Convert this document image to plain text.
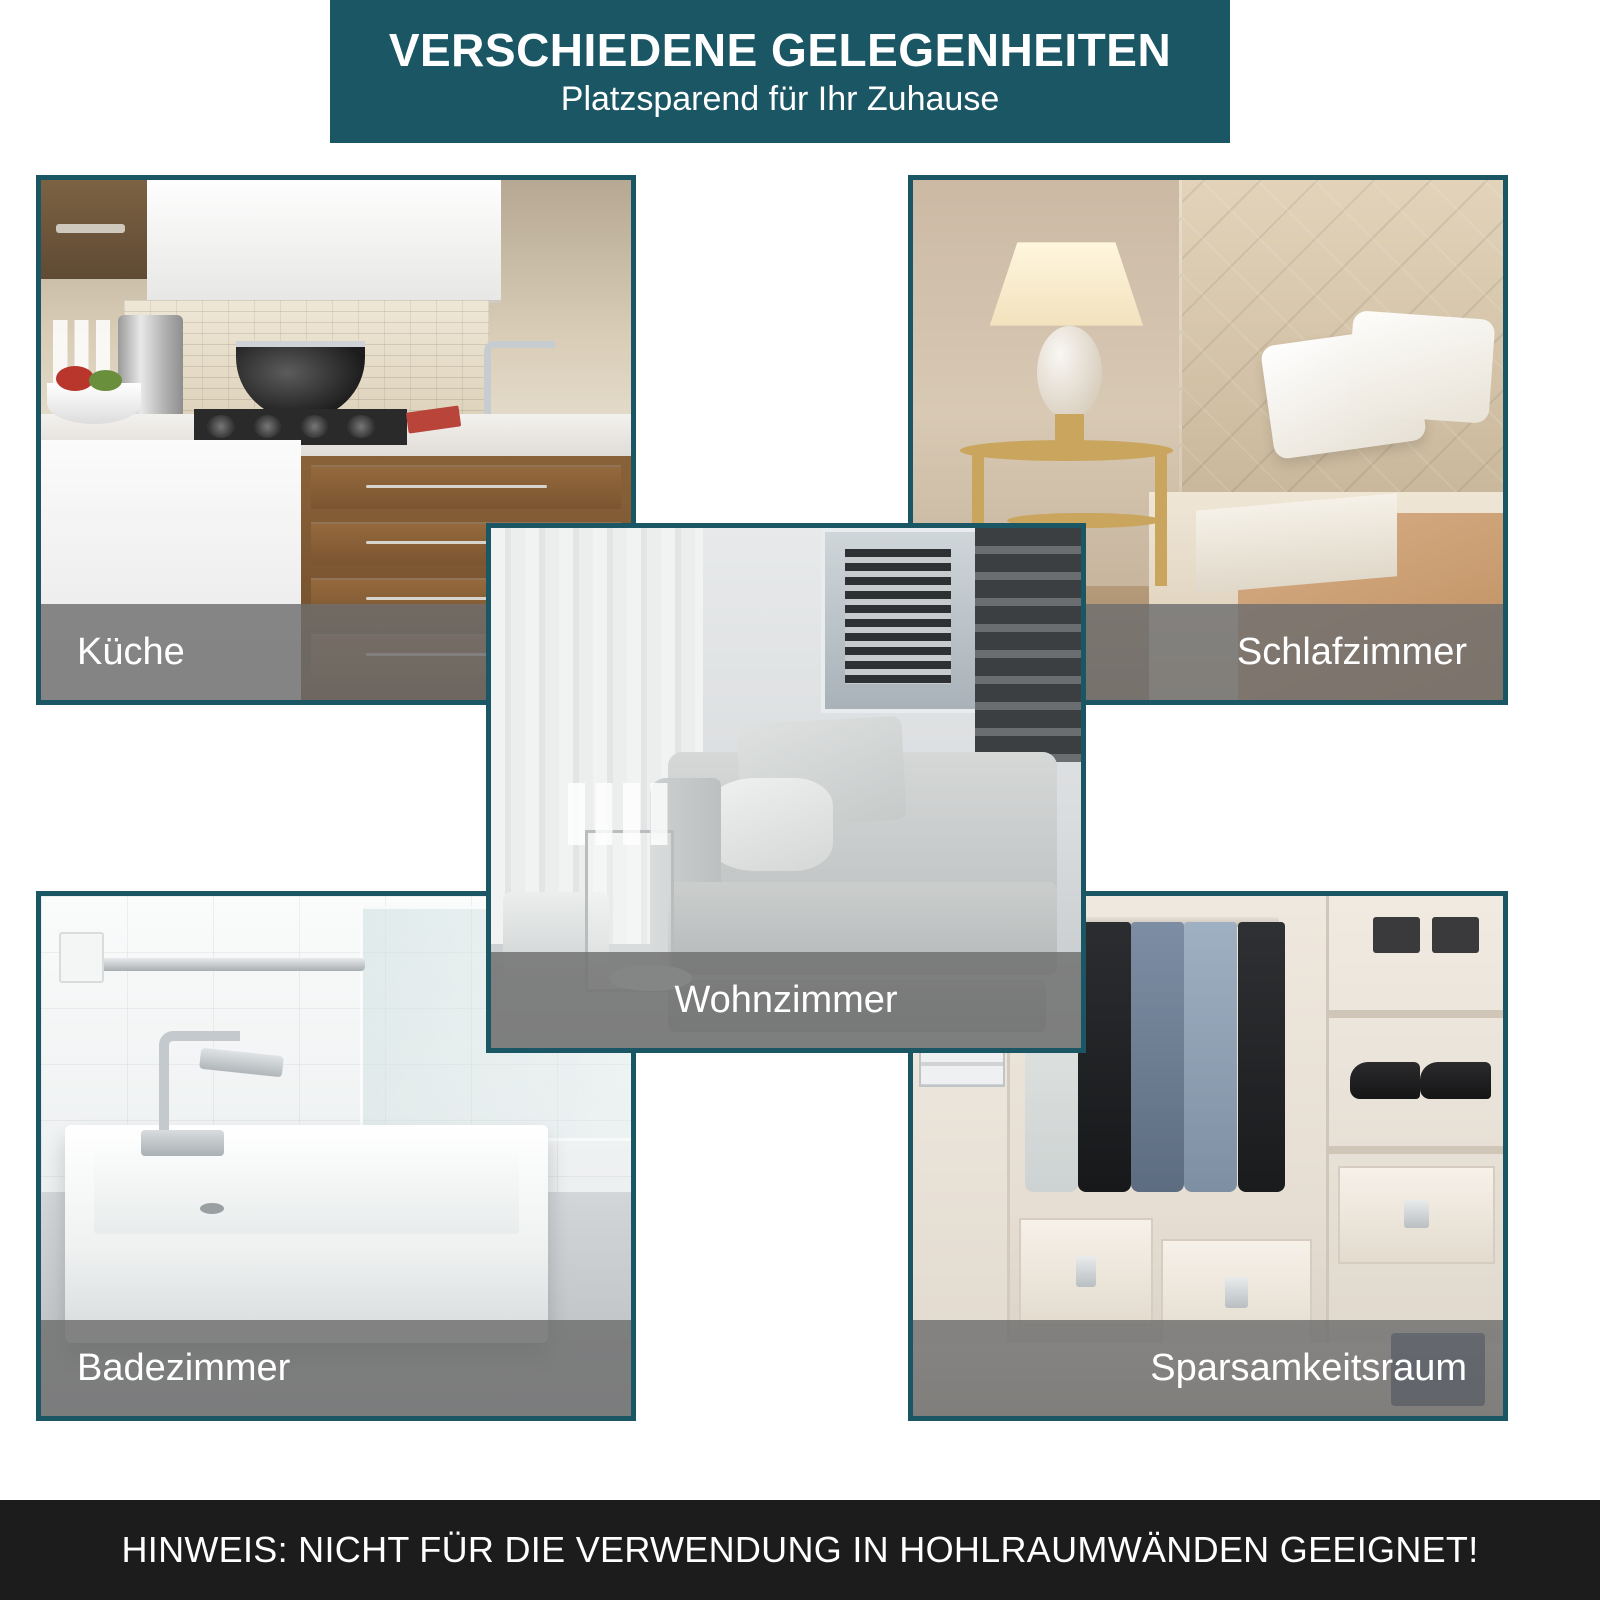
VERSCHIEDENE GELEGENHEITEN
Platzsparend für Ihr Zuhause
Küche	Schlafzimmer
Wohnzimmer
Badezimmer	Sparsamkeitsraum
HINWEIS: NICHT FÜR DIE VERWENDUNG IN HOHLRAUMWÄNDEN GEEIGNET!
